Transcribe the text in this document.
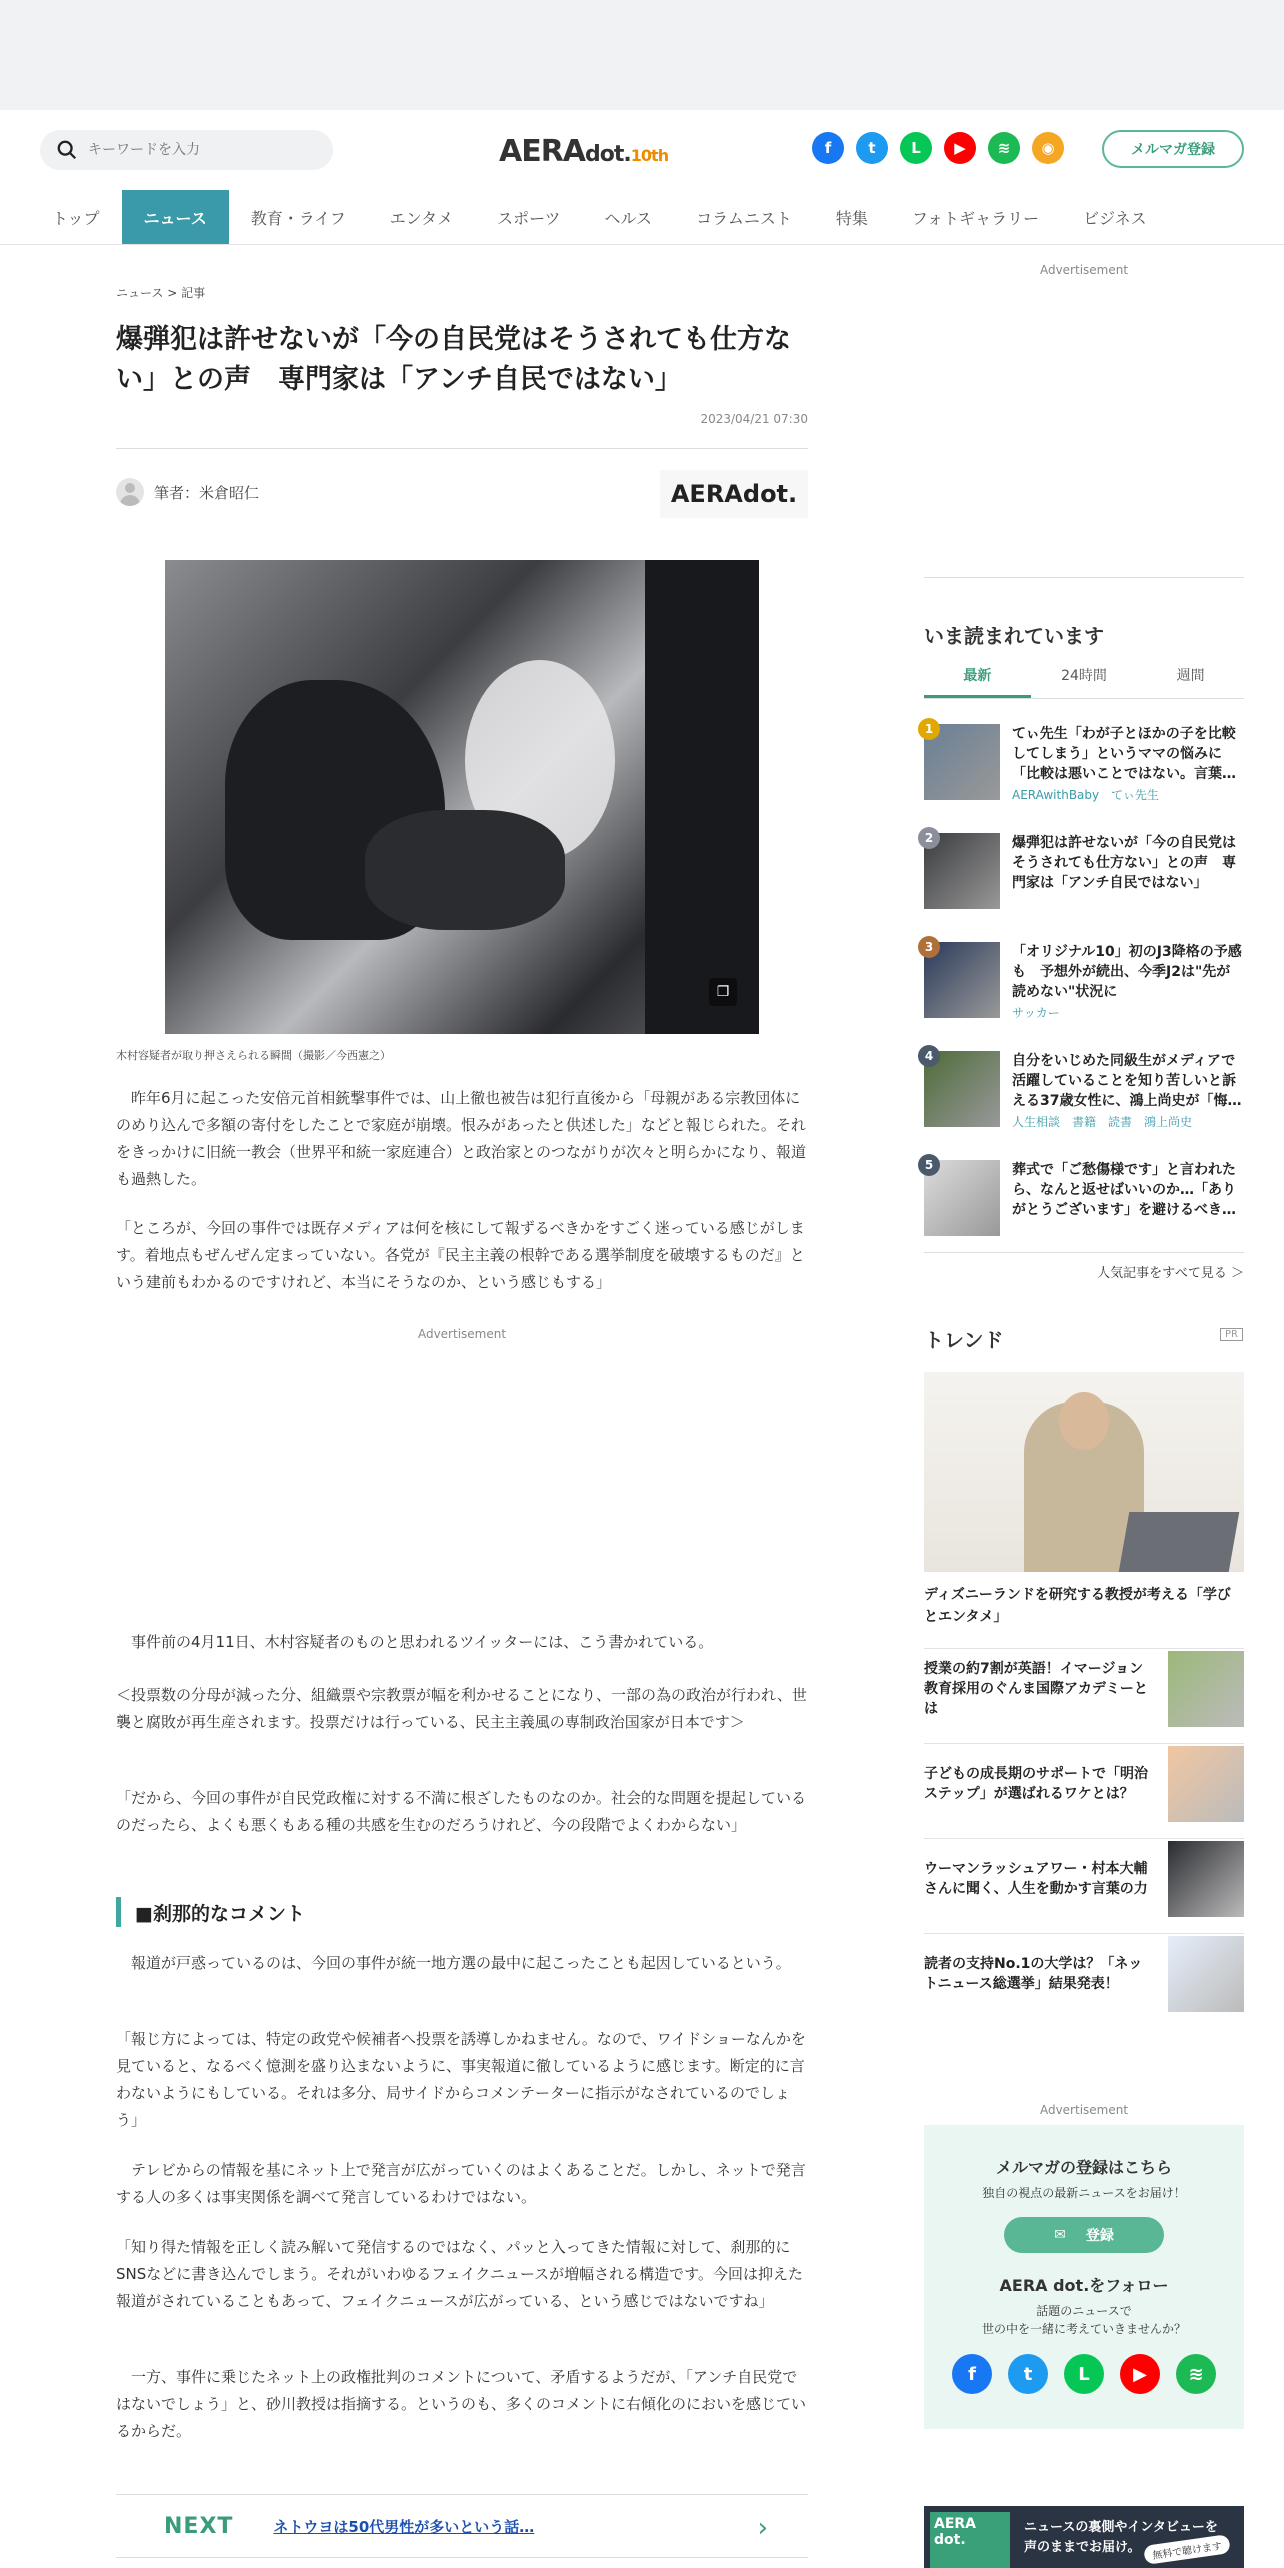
キーワードを入力
AERAdot.10th	f	t	L	▶	≋	◉	メルマガ登録
トップ	ニュース	教育・ライフ	エンタメ	スポーツ	ヘルス	コラムニスト	特集	フォトギャラリー	ビジネス
ニュース > 記事
爆弾犯は許せないが「今の自民党はそうされても仕方ない」との声　専門家は「アンチ自民ではない」
2023/04/21 07:30
筆者：米倉昭仁	AERAdot.
❐
木村容疑者が取り押さえられる瞬間（撮影／今西憲之）

　昨年6月に起こった安倍元首相銃撃事件では、山上徹也被告は犯行直後から「母親がある宗教団体にのめり込んで多額の寄付をしたことで家庭が崩壊。恨みがあったと供述した」などと報じられた。それをきっかけに旧統一教会（世界平和統一家庭連合）と政治家とのつながりが次々と明らかになり、報道も過熱した。

「ところが、今回の事件では既存メディアは何を核にして報ずるべきかをすごく迷っている感じがします。着地点もぜんぜん定まっていない。各党が『民主主義の根幹である選挙制度を破壊するものだ』という建前もわかるのですけれど、本当にそうなのか、という感じもする」

Advertisement

　事件前の4月11日、木村容疑者のものと思われるツイッターには、こう書かれている。

＜投票数の分母が減った分、組織票や宗教票が幅を利かせることになり、一部の為の政治が行われ、世襲と腐敗が再生産されます。投票だけは行っている、民主主義風の専制政治国家が日本です＞

「だから、今回の事件が自民党政権に対する不満に根ざしたものなのか。社会的な問題を提起しているのだったら、よくも悪くもある種の共感を生むのだろうけれど、今の段階でよくわからない」

■刹那的なコメント

　報道が戸惑っているのは、今回の事件が統一地方選の最中に起こったことも起因しているという。

「報じ方によっては、特定の政党や候補者へ投票を誘導しかねません。なので、ワイドショーなんかを見ていると、なるべく憶測を盛り込まないように、事実報道に徹しているように感じます。断定的に言わないようにもしている。それは多分、局サイドからコメンテーターに指示がなされているのでしょう」

　テレビからの情報を基にネット上で発言が広がっていくのはよくあることだ。しかし、ネットで発言する人の多くは事実関係を調べて発言しているわけではない。

「知り得た情報を正しく読み解いて発信するのではなく、パッと入ってきた情報に対して、刹那的にSNSなどに書き込んでしまう。それがいわゆるフェイクニュースが増幅される構造です。今回は抑えた報道がされていることもあって、フェイクニュースが広がっている、という感じではないですね」

　一方、事件に乗じたネット上の政権批判のコメントについて、矛盾するようだが、「アンチ自民党ではないでしょう」と、砂川教授は指摘する。というのも、多くのコメントに右傾化のにおいを感じているからだ。

NEXT	ネトウヨは50代男性が多いという話…	›
Advertisement
いま読まれています
最新	24時間	週間
1	てぃ先生「わが子とほかの子を比較してしまう」というママの悩みに「比較は悪いことではない。言葉…
AERAwithBaby　てぃ先生
2	爆弾犯は許せないが「今の自民党はそうされても仕方ない」との声　専門家は「アンチ自民ではない」
3	「オリジナル10」初のJ3降格の予感も　予想外が続出、今季J2は"先が読めない"状況に
サッカー
4	自分をいじめた同級生がメディアで活躍していることを知り苦しいと訴える37歳女性に、鴻上尚史が「悔…
人生相談　書籍　読書　鴻上尚史
5	葬式で「ご愁傷様です」と言われたら、なんと返せばいいのか…「ありがとうございます」を避けるべき…
人気記事をすべて見る ＞
トレンド	PR
ディズニーランドを研究する教授が考える「学びとエンタメ」
授業の約7割が英語！イマージョン教育採用のぐんま国際アカデミーとは
子どもの成長期のサポートで「明治ステップ」が選ばれるワケとは？
ウーマンラッシュアワー・村本大輔さんに聞く、人生を動かす言葉の力
読者の支持No.1の大学は？「ネットニュース総選挙」結果発表！
Advertisement
メルマガの登録はこちら
独自の視点の最新ニュースをお届け！
✉ 登録
AERA dot.をフォロー
話題のニュースで
世の中を一緒に考えていきませんか？
f	t	L	▶	≋
AERA dot.
ニュースの裏側やインタビューを
声のままでお届け。	無料で聴けます
